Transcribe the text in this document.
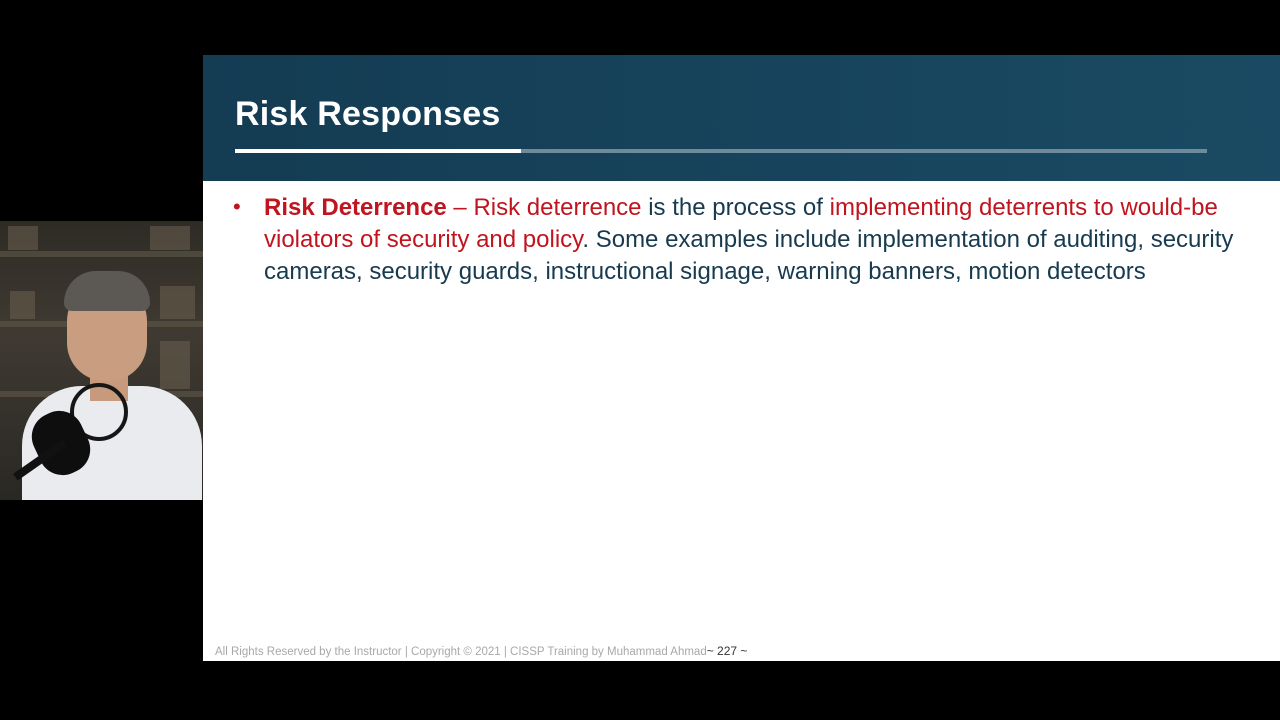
Risk Responses
• Risk Deterrence – Risk deterrence is the process of implementing deterrents to would-be violators of security and policy. Some examples include implementation of auditing, security cameras, security guards, instructional signage, warning banners, motion detectors
All Rights Reserved by the Instructor | Copyright © 2021 | CISSP Training by Muhammad Ahmad~ 227 ~
